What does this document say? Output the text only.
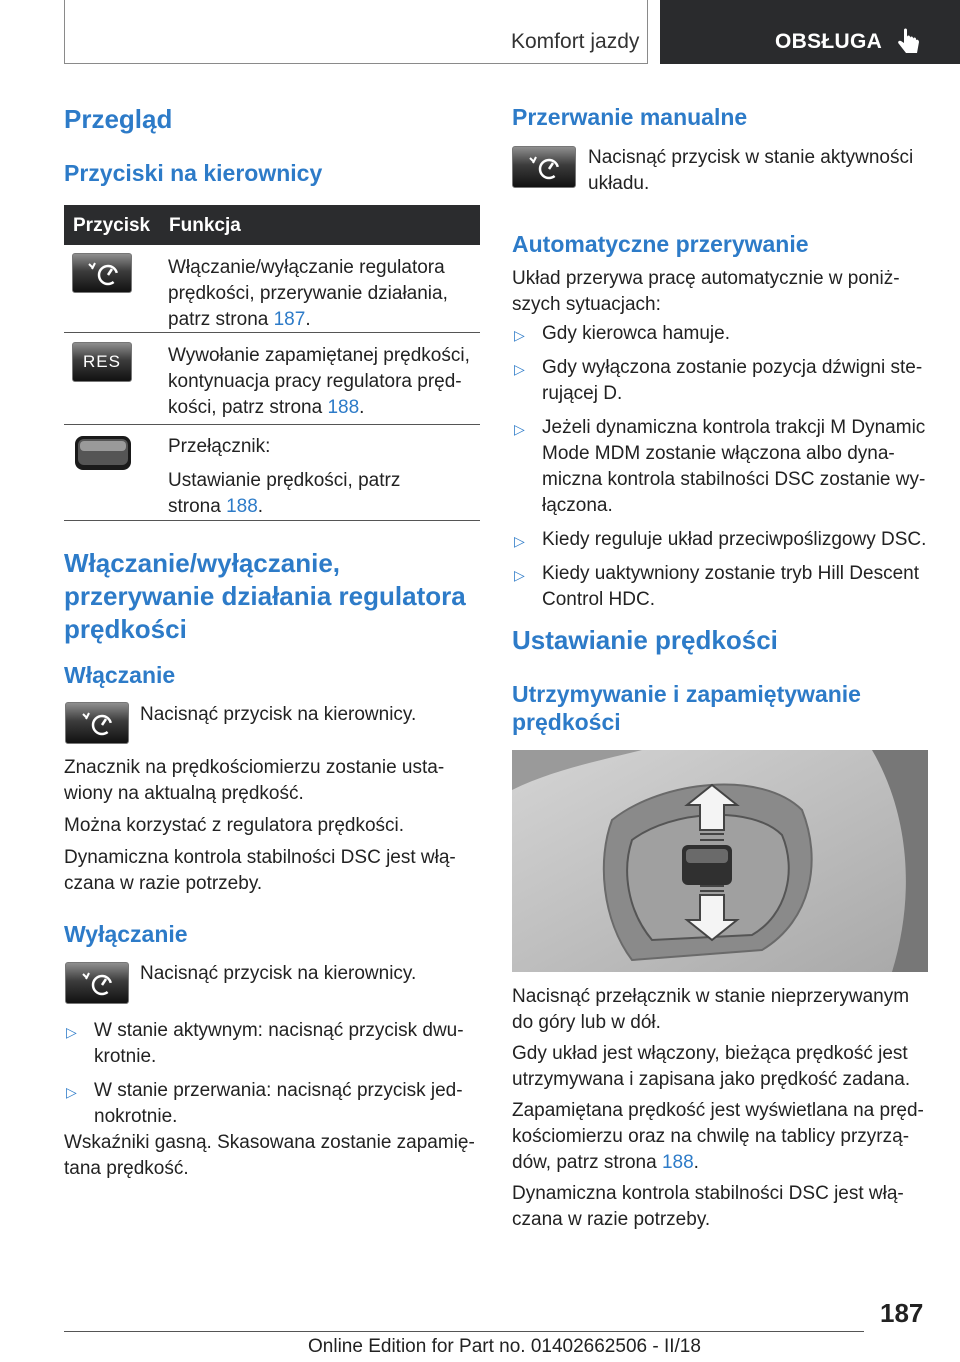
Komfort jazdy	OBSŁUGA
Przegląd
Przyciski na kierownicy
Przycisk Funkcja
Włączanie/wyłączanie regulatora
prędkości, przerywanie działania,
patrz strona 187.
RES	Wywołanie zapamiętanej prędkości,
kontynuacja pracy regulatora pręd-
kości, patrz strona 188.
Przełącznik:
Ustawianie prędkości, patrz
strona 188.
Włączanie/wyłączanie,
przerywanie działania regulatora
prędkości
Włączanie
Nacisnąć przycisk na kierownicy.
Znacznik na prędkościomierzu zostanie usta-
wiony na aktualną prędkość.
Można korzystać z regulatora prędkości.
Dynamiczna kontrola stabilności DSC jest włą-
czana w razie potrzeby.
Wyłączanie
Nacisnąć przycisk na kierownicy.
▷ W stanie aktywnym: nacisnąć przycisk dwu-
krotnie.
▷ W stanie przerwania: nacisnąć przycisk jed-
nokrotnie.
Wskaźniki gasną. Skasowana zostanie zapamię-
tana prędkość.
Przerwanie manualne
Nacisnąć przycisk w stanie aktywności
układu.
Automatyczne przerywanie
Układ przerywa pracę automatycznie w poniż-
szych sytuacjach:
▷ Gdy kierowca hamuje.
▷ Gdy wyłączona zostanie pozycja dźwigni ste-
rującej D.
▷ Jeżeli dynamiczna kontrola trakcji M Dynamic
Mode MDM zostanie włączona albo dyna-
miczna kontrola stabilności DSC zostanie wy-
łączona.
▷ Kiedy reguluje układ przeciwpoślizgowy DSC.
▷ Kiedy uaktywniony zostanie tryb Hill Descent
Control HDC.
Ustawianie prędkości
Utrzymywanie i zapamiętywanie
prędkości
Nacisnąć przełącznik w stanie nieprzerywanym
do góry lub w dół.
Gdy układ jest włączony, bieżąca prędkość jest
utrzymywana i zapisana jako prędkość zadana.
Zapamiętana prędkość jest wyświetlana na pręd-
kościomierzu oraz na chwilę na tablicy przyrzą-
dów, patrz strona 188.
Dynamiczna kontrola stabilności DSC jest włą-
czana w razie potrzeby.
187
Online Edition for Part no. 01402662506 - II/18
